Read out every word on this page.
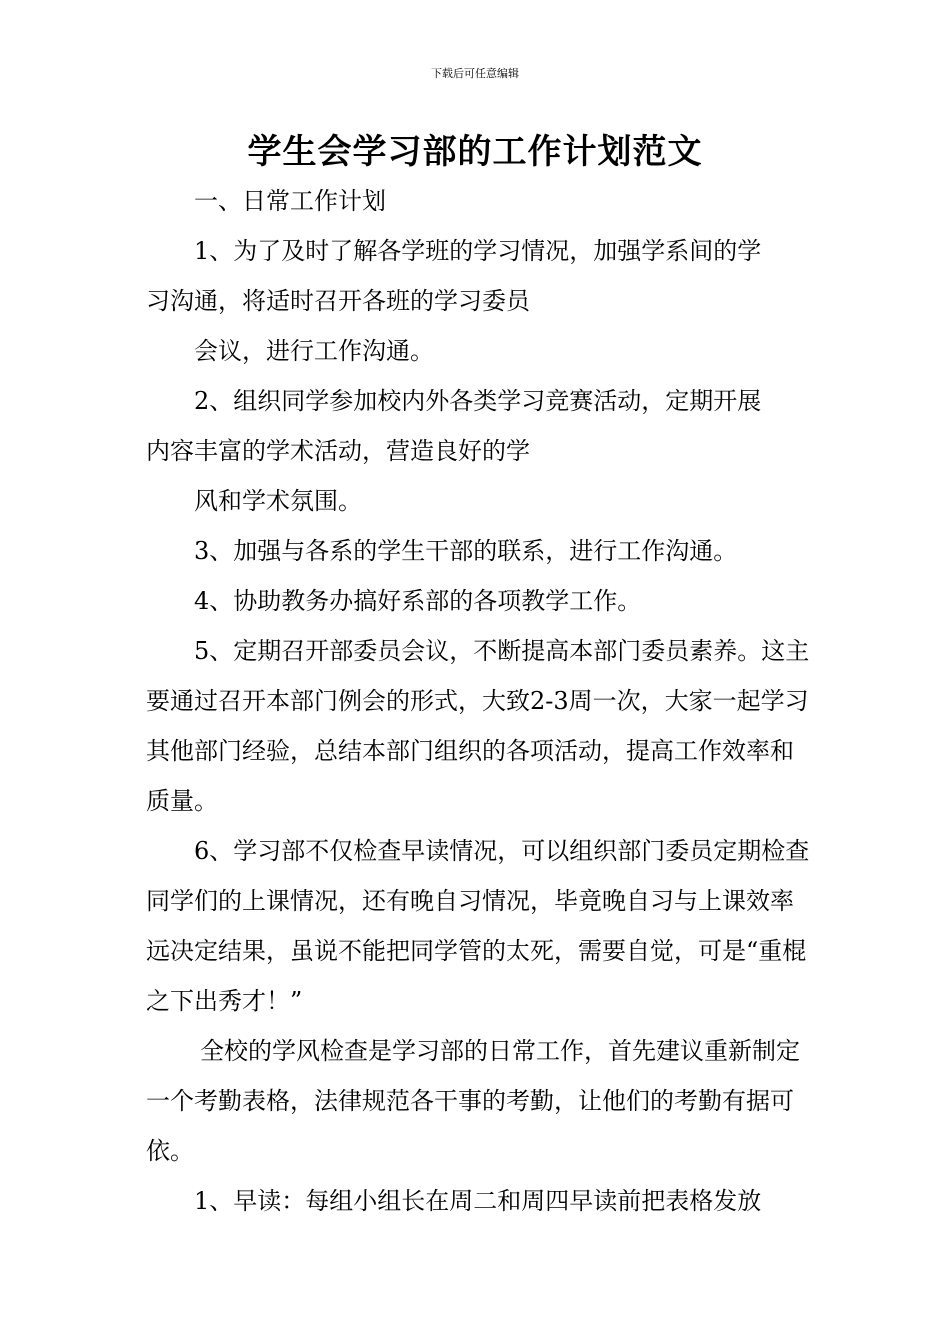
下载后可任意编辑
学生会学习部的工作计划范文

一、日常工作计划

1、为了及时了解各学班的学习情况，加强学系间的学

习沟通，将适时召开各班的学习委员

会议，进行工作沟通。

2、组织同学参加校内外各类学习竞赛活动，定期开展

内容丰富的学术活动，营造良好的学

风和学术氛围。

3、加强与各系的学生干部的联系，进行工作沟通。

4、协助教务办搞好系部的各项教学工作。

5、定期召开部委员会议，不断提高本部门委员素养。这主要通过召开本部门例会的形式，大致2-3周一次，大家一起学习其他部门经验，总结本部门组织的各项活动，提高工作效率和质量。

6、学习部不仅检查早读情况，可以组织部门委员定期检查同学们的上课情况，还有晚自习情况，毕竟晚自习与上课效率远决定结果，虽说不能把同学管的太死，需要自觉，可是“重棍之下出秀才！”

全校的学风检查是学习部的日常工作，首先建议重新制定一个考勤表格，法律规范各干事的考勤，让他们的考勤有据可依。

1、早读：每组小组长在周二和周四早读前把表格发放
